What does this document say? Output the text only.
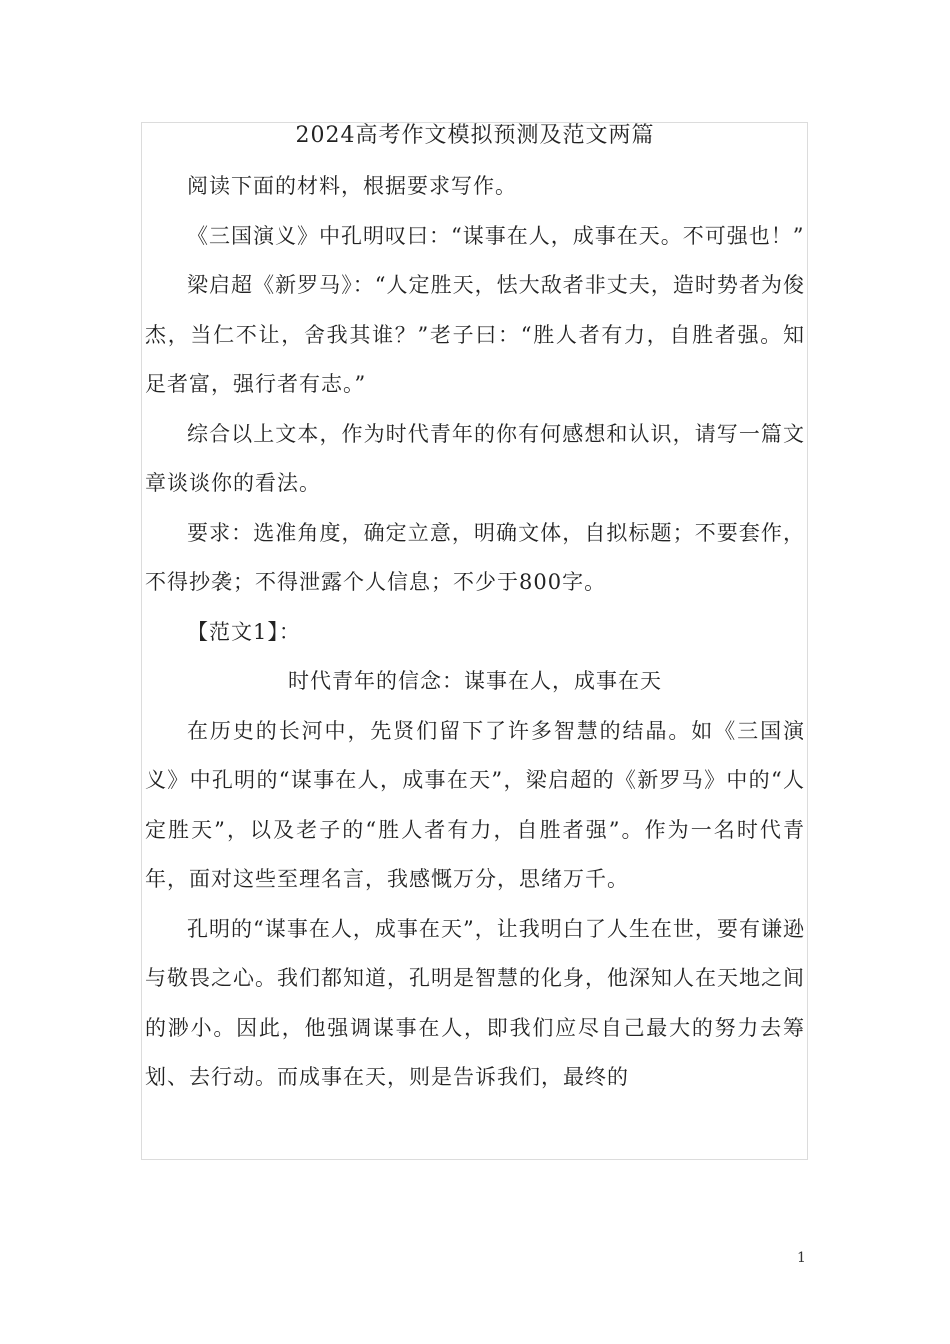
2024高考作文模拟预测及范文两篇

阅读下面的材料，根据要求写作。

《三国演义》中孔明叹曰：“谋事在人，成事在天。不可强也！”

梁启超《新罗马》：“人定胜天，怯大敌者非丈夫，造时势者为俊杰，当仁不让，舍我其谁？”老子曰：“胜人者有力，自胜者强。知足者富，强行者有志。”

综合以上文本，作为时代青年的你有何感想和认识，请写一篇文章谈谈你的看法。

要求：选准角度，确定立意，明确文体，自拟标题；不要套作，不得抄袭；不得泄露个人信息；不少于800字。

【范文1】：

时代青年的信念：谋事在人，成事在天

在历史的长河中，先贤们留下了许多智慧的结晶。如《三国演义》中孔明的“谋事在人，成事在天”，梁启超的《新罗马》中的“人定胜天”，以及老子的“胜人者有力，自胜者强”。作为一名时代青年，面对这些至理名言，我感慨万分，思绪万千。

孔明的“谋事在人，成事在天”，让我明白了人生在世，要有谦逊与敬畏之心。我们都知道，孔明是智慧的化身，他深知人在天地之间的渺小。因此，他强调谋事在人，即我们应尽自己最大的努力去筹划、去行动。而成事在天，则是告诉我们，最终的

1
